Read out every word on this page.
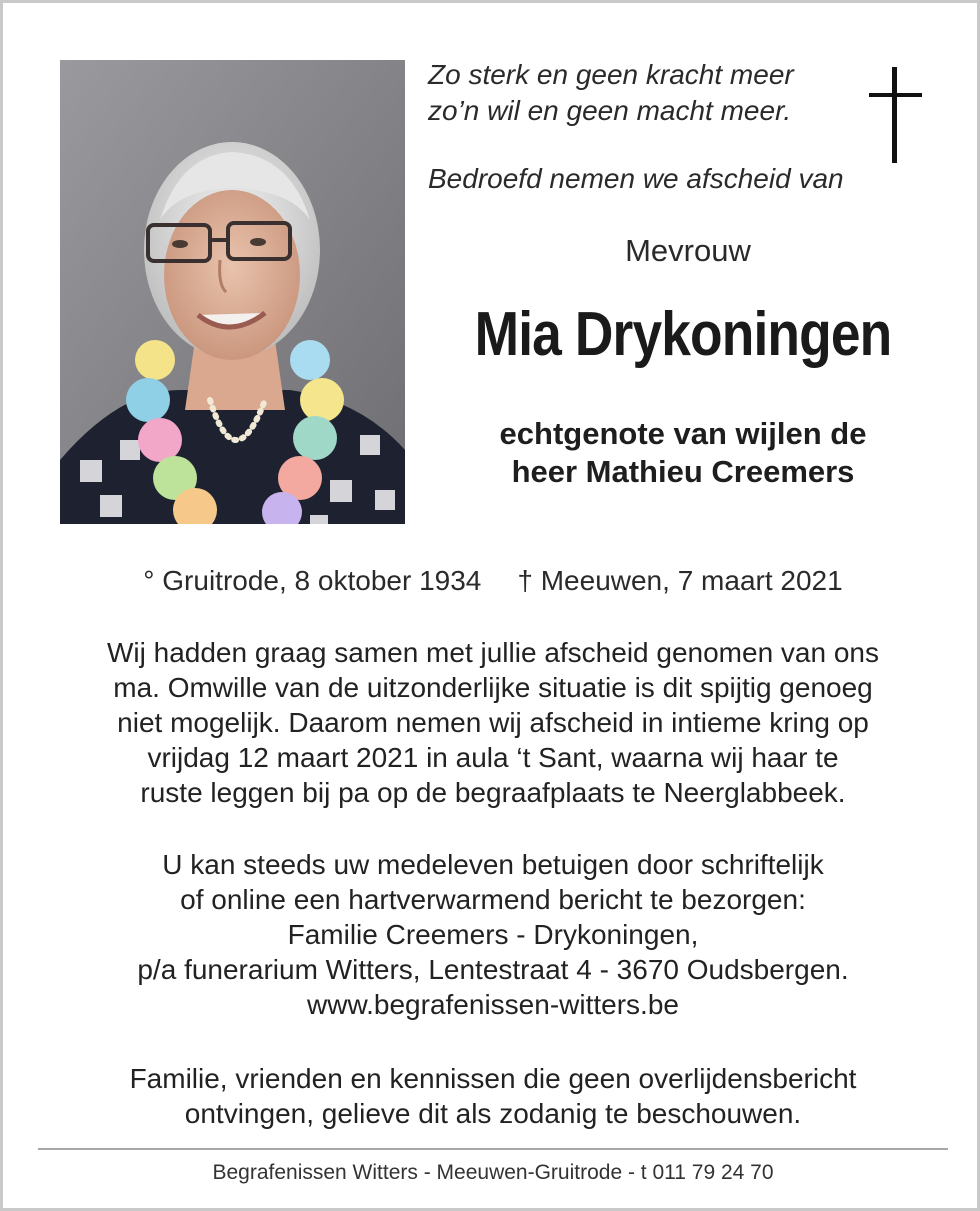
Zo sterk en geen kracht meer
zo’n wil en geen macht meer.
Bedroefd nemen we afscheid van
Mevrouw
Mia Drykoningen
echtgenote van wijlen de
heer Mathieu Creemers
° Gruitrode, 8 oktober 1934 † Meeuwen, 7 maart 2021
Wij hadden graag samen met jullie afscheid genomen van ons
ma. Omwille van de uitzonderlijke situatie is dit spijtig genoeg
niet mogelijk. Daarom nemen wij afscheid in intieme kring op
vrijdag 12 maart 2021 in aula ‘t Sant, waarna wij haar te
ruste leggen bij pa op de begraafplaats te Neerglabbeek.
U kan steeds uw medeleven betuigen door schriftelijk
of online een hartverwarmend bericht te bezorgen:
Familie Creemers - Drykoningen,
p/a funerarium Witters, Lentestraat 4 - 3670 Oudsbergen.
www.begrafenissen-witters.be
Familie, vrienden en kennissen die geen overlijdensbericht
ontvingen, gelieve dit als zodanig te beschouwen.
Begrafenissen Witters - Meeuwen-Gruitrode - t 011 79 24 70
